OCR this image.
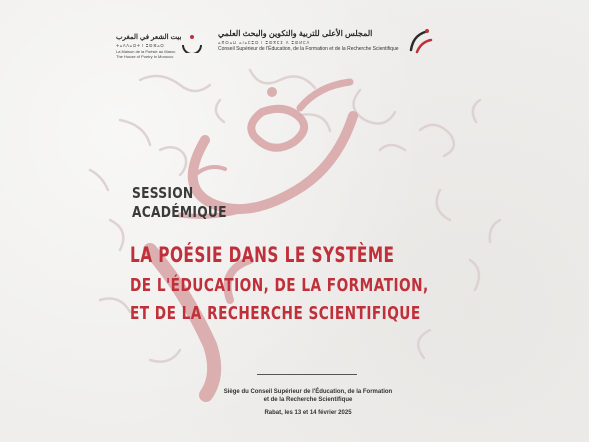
بيت الشعر في المغرب
ⵜⴰⴷⴷⴰⵔⵜ ⵏ ⵓⵙⴼⴰⵔ
La Maison de la Poésie au Maroc
The House of Poetry in Morocco
المجلس الأعلى للتربية والتكوين والبحث العلمي
ⴰⴳⵔⴰⵡ ⴰⵏⴰⵎⵓⵔ ⵏ ⵓⵙⴳⵎⵉ ⴷ ⵓⵙⵍⵎⴷ
Conseil Supérieur de l'Éducation, de la Formation et de la Recherche Scientifique
SESSION
ACADÉMIQUE
LA POÉSIE DANS LE SYSTÈME
DE L'ÉDUCATION, DE LA FORMATION,
ET DE LA RECHERCHE SCIENTIFIQUE
Siège du Conseil Supérieur de l'Éducation, de la Formation
et de la Recherche Scientifique
Rabat, les 13 et 14 février 2025
